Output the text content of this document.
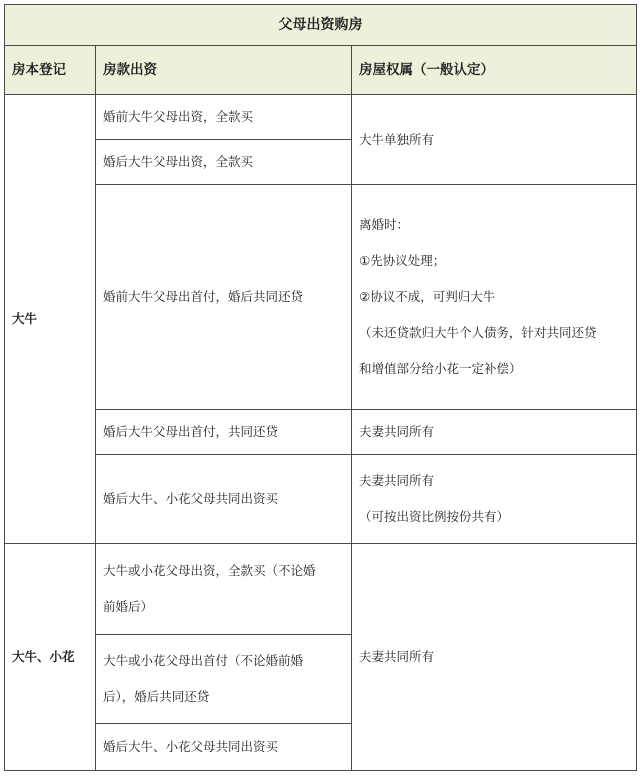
父母出资购房		
房本登记	房款出资	房屋权属（一般认定）
大牛	婚前大牛父母出资，全款买	大牛单独所有
	婚后大牛父母出资，全款买	
	婚前大牛父母出首付，婚后共同还贷	离婚时：
①先协议处理；
②协议不成，可判归大牛
（未还贷款归大牛个人债务，针对共同还贷
和增值部分给小花一定补偿）

	婚后大牛父母出首付，共同还贷	夫妻共同所有
	婚后大牛、小花父母共同出资买	夫妻共同所有
（可按出资比例按份共有）

大牛、小花	大牛或小花父母出资，全款买（不论婚
前婚后）	夫妻共同所有

	大牛或小花父母出首付（不论婚前婚
后），婚后共同还贷	

	婚后大牛、小花父母共同出资买	
